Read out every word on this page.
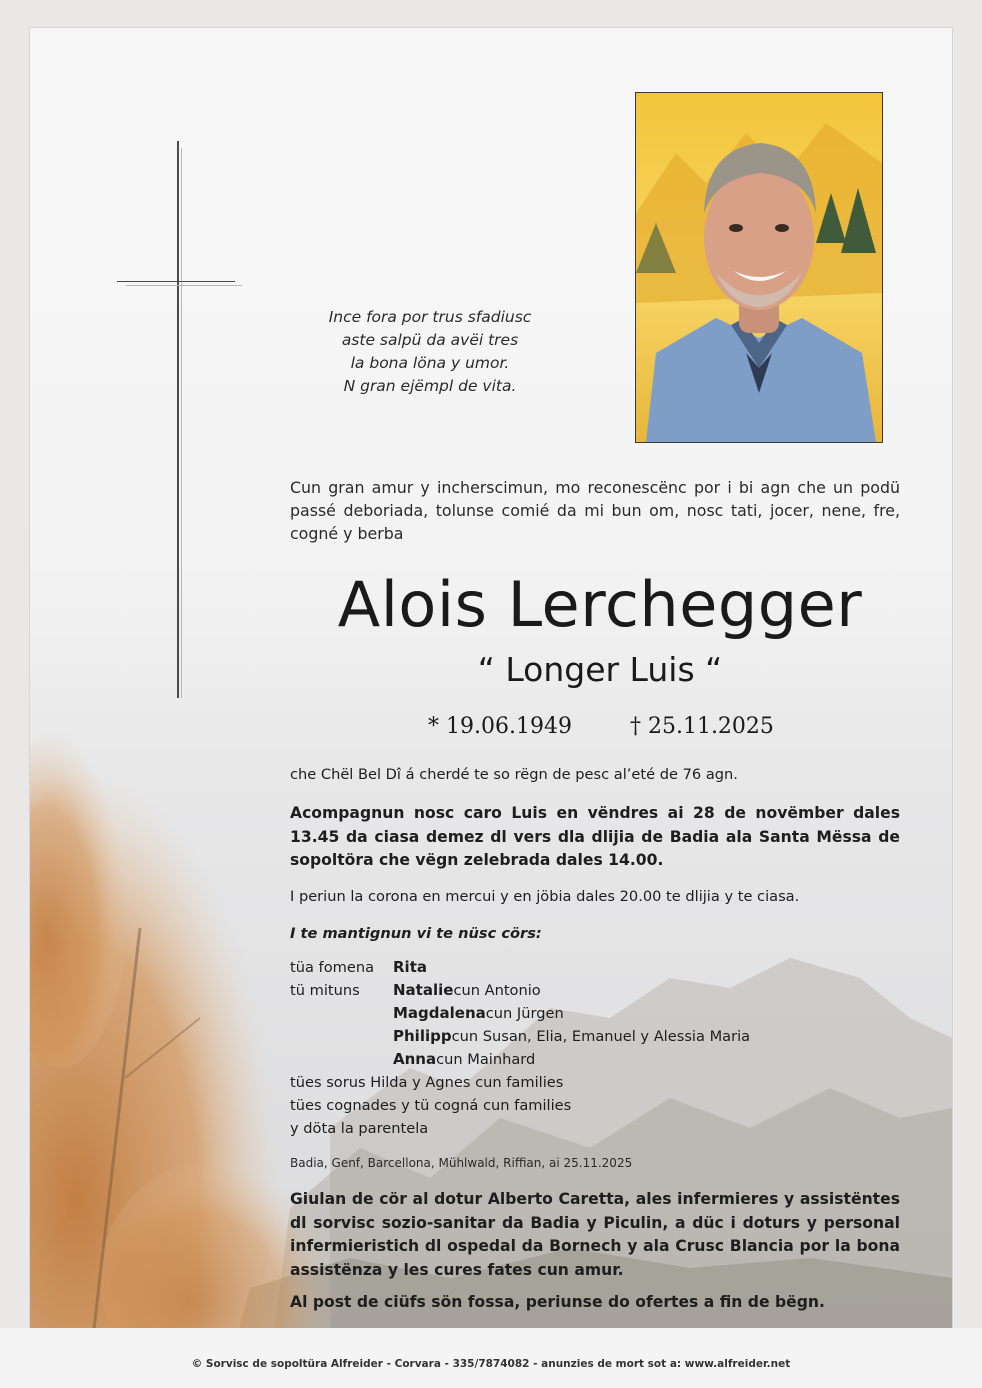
Ince fora por trus sfadiusc
aste salpü da avëi tres
la bona löna y umor.
N gran ejëmpl de vita.
Cun gran amur y incherscimun, mo reconescënc por i bi agn che un podü passé deboriada, tolunse comié da mi bun om, nosc tati, jocer, nene, fre, cogné y berba
Alois Lerchegger
“ Longer Luis “
* 19.06.1949	† 25.11.2025
che Chël Bel Dî á cherdé te so rëgn de pesc al’eté de 76 agn.
Acompagnun nosc caro Luis en vëndres ai 28 de novëmber dales 13.45 da ciasa demez dl vers dla dlijia de Badia ala Santa Mëssa de sopoltöra che vëgn zelebrada dales 14.00.
I periun la corona en mercui y en jöbia dales 20.00 te dlijia y te ciasa.
I te mantignun vi te nüsc cörs:
tüa fomena	Rita
tü mituns	Natalie cun Antonio
Magdalena cun Jürgen
Philipp cun Susan, Elia, Emanuel y Alessia Maria
Anna cun Mainhard
tües sorus Hilda y Agnes cun families
tües cognades y tü cogná cun families
y döta la parentela
Badia, Genf, Barcellona, Mühlwald, Riffian, ai 25.11.2025
Giulan de cör al dotur Alberto Caretta, ales infermieres y assistëntes dl sorvisc sozio-sanitar da Badia y Piculin, a düc i doturs y personal infermieristich dl ospedal da Bornech y ala Crusc Blancia por la bona assistënza y les cures fates cun amur.
Al post de ciüfs sön fossa, periunse do ofertes a fin de bëgn.
© Sorvisc de sopoltüra Alfreider - Corvara - 335/7874082 - anunzies de mort sot a: www.alfreider.net
